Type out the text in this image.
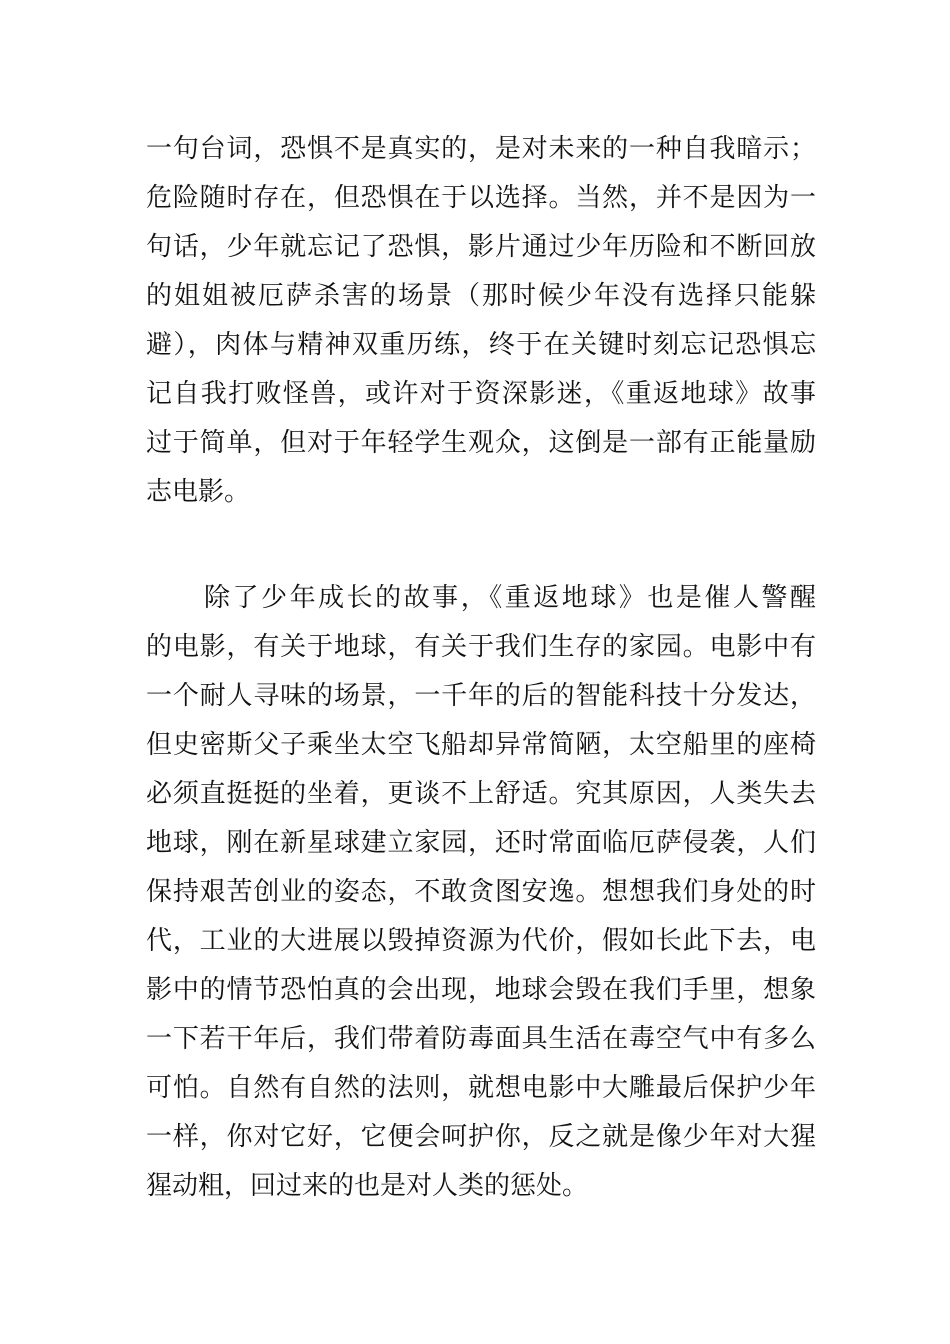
一句台词，恐惧不是真实的，是对未来的一种自我暗示；
危险随时存在，但恐惧在于以选择。当然，并不是因为一
句话，少年就忘记了恐惧，影片通过少年历险和不断回放
的姐姐被厄萨杀害的场景（那时候少年没有选择只能躲
避），肉体与精神双重历练，终于在关键时刻忘记恐惧忘
记自我打败怪兽，或许对于资深影迷，《重返地球》故事
过于简单，但对于年轻学生观众，这倒是一部有正能量励
志电影。
除了少年成长的故事，《重返地球》也是催人警醒
的电影，有关于地球，有关于我们生存的家园。电影中有
一个耐人寻味的场景，一千年的后的智能科技十分发达，
但史密斯父子乘坐太空飞船却异常简陋，太空船里的座椅
必须直挺挺的坐着，更谈不上舒适。究其原因，人类失去
地球，刚在新星球建立家园，还时常面临厄萨侵袭，人们
保持艰苦创业的姿态，不敢贪图安逸。想想我们身处的时
代，工业的大进展以毁掉资源为代价，假如长此下去，电
影中的情节恐怕真的会出现，地球会毁在我们手里，想象
一下若干年后，我们带着防毒面具生活在毒空气中有多么
可怕。自然有自然的法则，就想电影中大雕最后保护少年
一样，你对它好，它便会呵护你，反之就是像少年对大猩
猩动粗，回过来的也是对人类的惩处。
